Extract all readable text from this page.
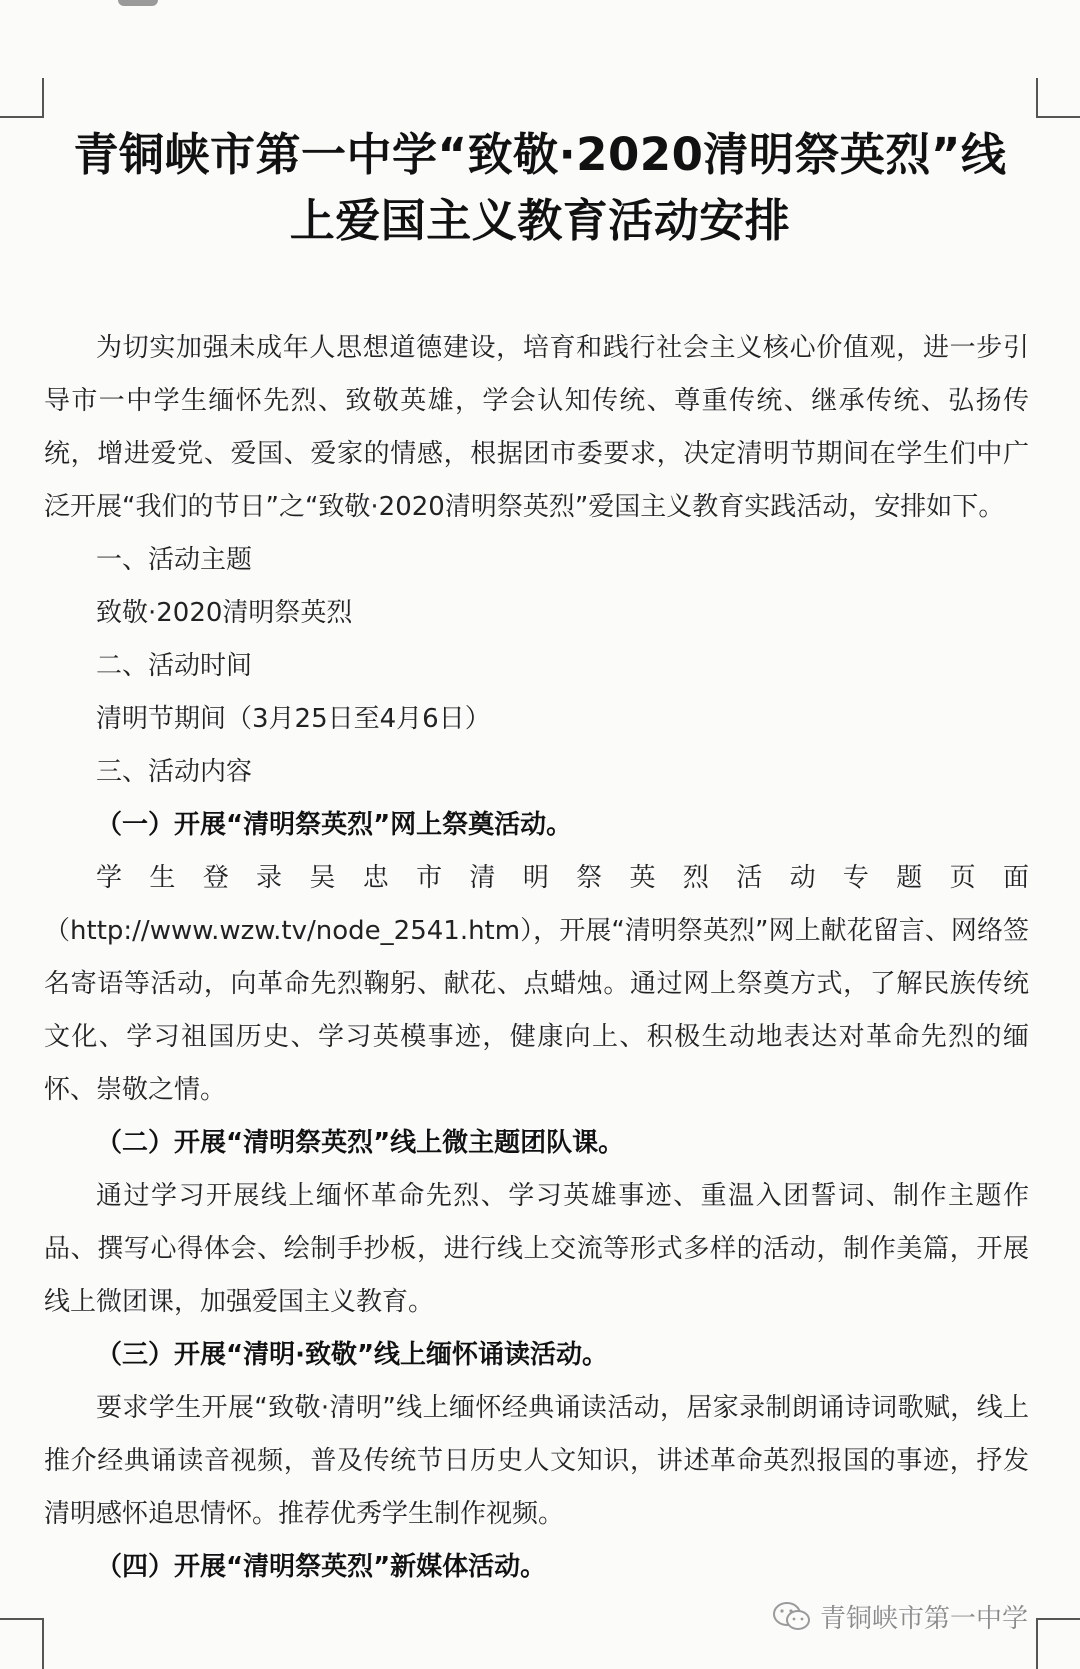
青铜峡市第一中学“致敬·2020清明祭英烈”线
上爱国主义教育活动安排

为切实加强未成年人思想道德建设，培育和践行社会主义核心价值观，进一步引导市一中学生缅怀先烈、致敬英雄，学会认知传统、尊重传统、继承传统、弘扬传统，增进爱党、爱国、爱家的情感，根据团市委要求，决定清明节期间在学生们中广泛开展“我们的节日”之“致敬·2020清明祭英烈”爱国主义教育实践活动，安排如下。

一、活动主题

致敬·2020清明祭英烈

二、活动时间

清明节期间（3月25日至4月6日）

三、活动内容

（一）开展“清明祭英烈”网上祭奠活动。

学生登录吴忠市清明祭英烈活动专题页面（http://www.wzw.tv/node_2541.htm），开展“清明祭英烈”网上献花留言、网络签名寄语等活动，向革命先烈鞠躬、献花、点蜡烛。通过网上祭奠方式，了解民族传统文化、学习祖国历史、学习英模事迹，健康向上、积极生动地表达对革命先烈的缅怀、崇敬之情。

（二）开展“清明祭英烈”线上微主题团队课。

通过学习开展线上缅怀革命先烈、学习英雄事迹、重温入团誓词、制作主题作品、撰写心得体会、绘制手抄板，进行线上交流等形式多样的活动，制作美篇，开展线上微团课，加强爱国主义教育。

（三）开展“清明·致敬”线上缅怀诵读活动。

要求学生开展“致敬·清明”线上缅怀经典诵读活动，居家录制朗诵诗词歌赋，线上推介经典诵读音视频，普及传统节日历史人文知识，讲述革命英烈报国的事迹，抒发清明感怀追思情怀。推荐优秀学生制作视频。

（四）开展“清明祭英烈”新媒体活动。

青铜峡市第一中学
